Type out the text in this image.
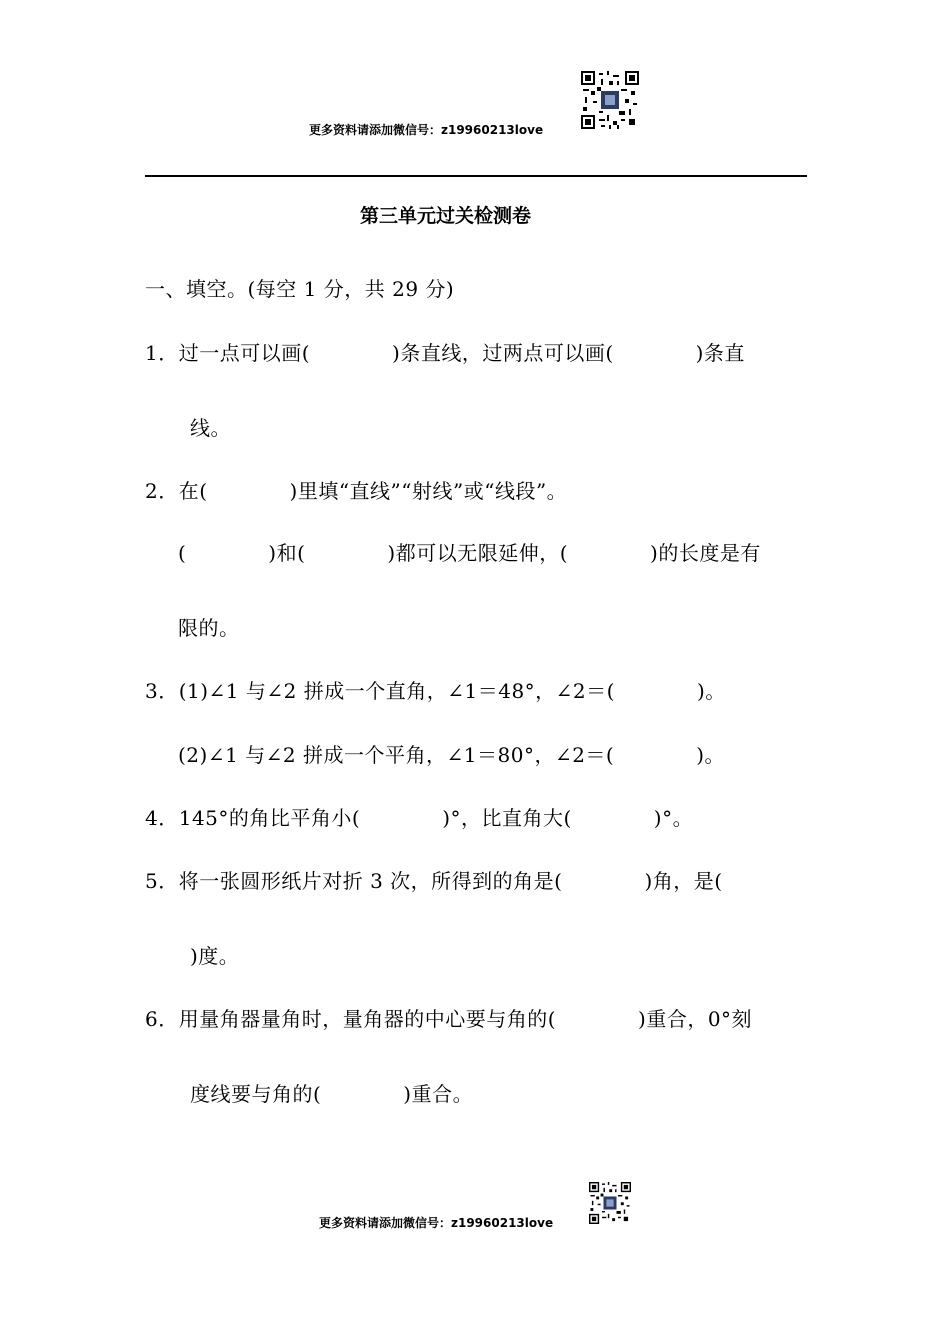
更多资料请添加微信号：z19960213love
第三单元过关检测卷
一、填空。(每空 1 分，共 29 分)
1．过一点可以画(　　　　)条直线，过两点可以画(　　　　)条直
线。
2．在(　　　　)里填“直线”“射线”或“线段”。
(　　　　)和(　　　　)都可以无限延伸，(　　　　)的长度是有
限的。
3．(1)∠1 与∠2 拼成一个直角，∠1＝48°，∠2＝(　　　　)。
(2)∠1 与∠2 拼成一个平角，∠1＝80°，∠2＝(　　　　)。
4．145°的角比平角小(　　　　)°，比直角大(　　　　)°。
5．将一张圆形纸片对折 3 次，所得到的角是(　　　　)角，是(
)度。
6．用量角器量角时，量角器的中心要与角的(　　　　)重合，0°刻
度线要与角的(　　　　)重合。
更多资料请添加微信号：z19960213love
